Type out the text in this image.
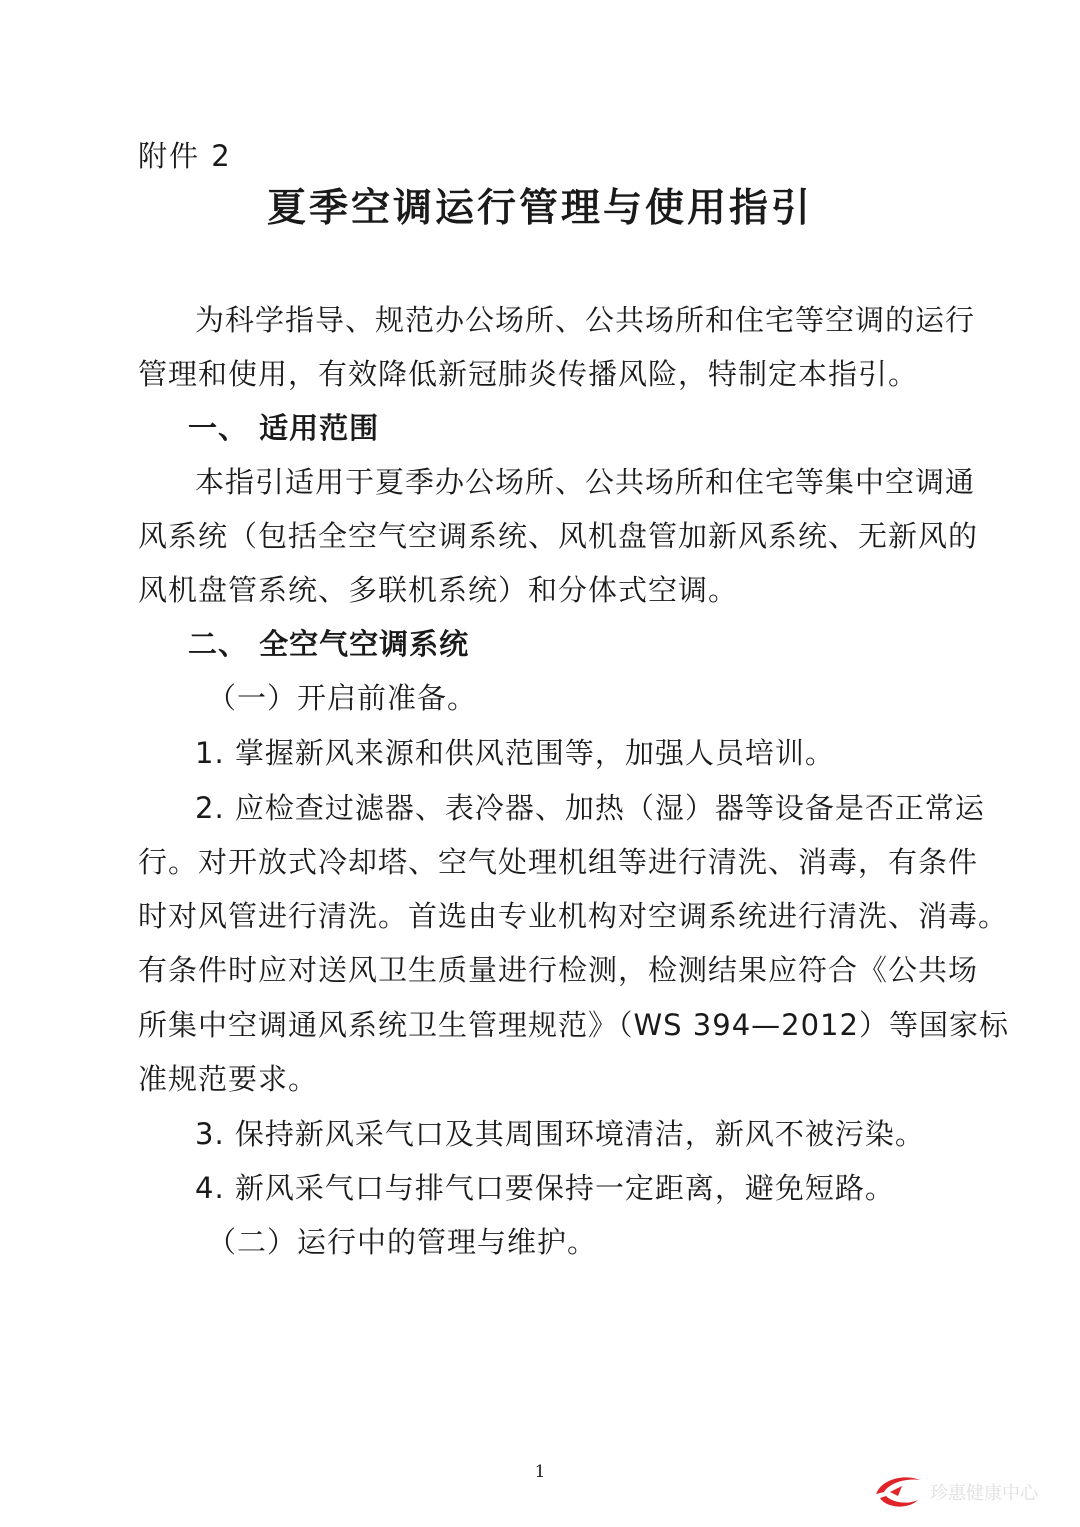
附件 2
夏季空调运行管理与使用指引
为科学指导、规范办公场所、公共场所和住宅等空调的运行
管理和使用，有效降低新冠肺炎传播风险，特制定本指引。
一、 适用范围
本指引适用于夏季办公场所、公共场所和住宅等集中空调通
风系统（包括全空气空调系统、风机盘管加新风系统、无新风的
风机盘管系统、多联机系统）和分体式空调。
二、 全空气空调系统
（一）开启前准备。
1. 掌握新风来源和供风范围等，加强人员培训。
2. 应检查过滤器、表冷器、加热（湿）器等设备是否正常运
行。对开放式冷却塔、空气处理机组等进行清洗、消毒，有条件
时对风管进行清洗。首选由专业机构对空调系统进行清洗、消毒。
有条件时应对送风卫生质量进行检测，检测结果应符合《公共场
所集中空调通风系统卫生管理规范》（WS 394—2012）等国家标
准规范要求。
3. 保持新风采气口及其周围环境清洁，新风不被污染。
4. 新风采气口与排气口要保持一定距离，避免短路。
（二）运行中的管理与维护。
1
珍惠健康中心
